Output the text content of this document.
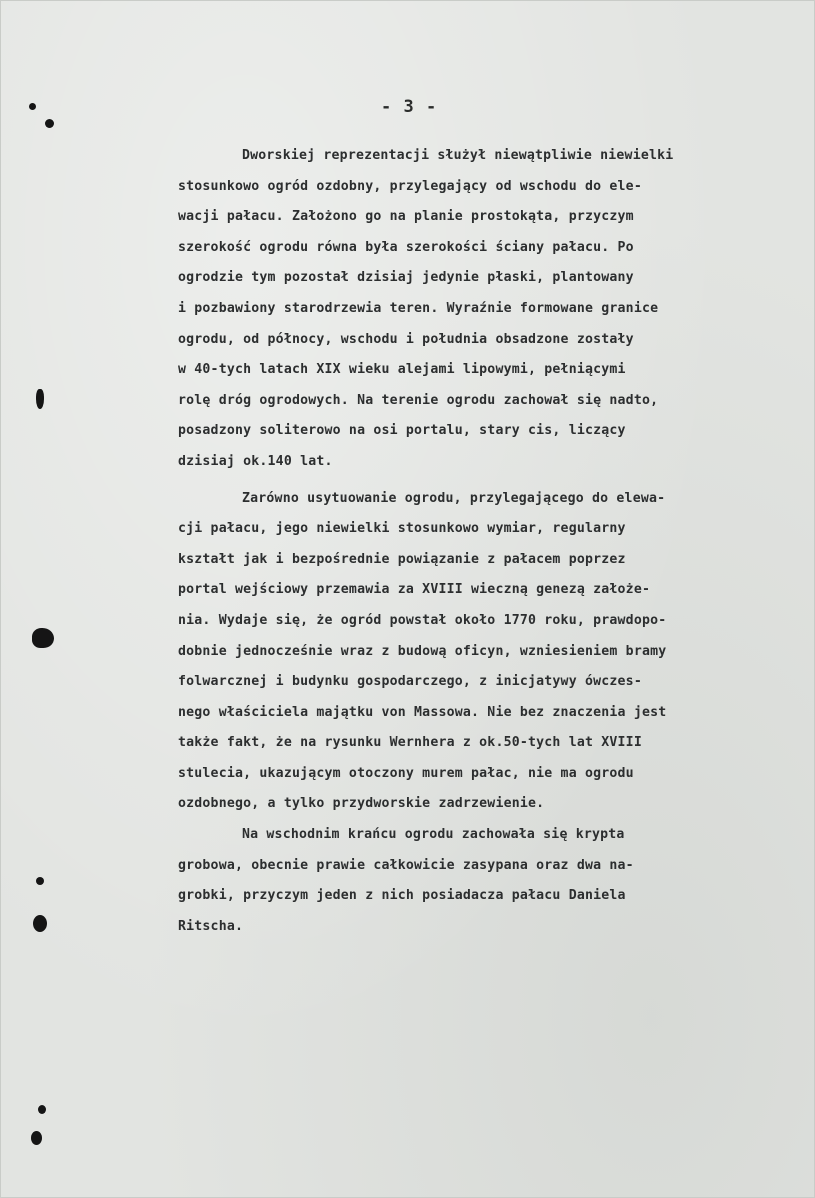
- 3 -
Dworskiej reprezentacji służył niewątpliwie niewielki
stosunkowo ogród ozdobny, przylegający od wschodu do ele-
wacji pałacu. Założono go na planie prostokąta, przyczym
szerokość ogrodu równa była szerokości ściany pałacu. Po
ogrodzie tym pozostał dzisiaj jedynie płaski, plantowany
i pozbawiony starodrzewia teren. Wyraźnie formowane granice
ogrodu, od północy, wschodu i południa obsadzone zostały
w 40-tych latach XIX wieku alejami lipowymi, pełniącymi
rolę dróg ogrodowych. Na terenie ogrodu zachował się nadto,
posadzony soliterowo na osi portalu, stary cis, liczący
dzisiaj ok.140 lat.
Zarówno usytuowanie ogrodu, przylegającego do elewa-
cji pałacu, jego niewielki stosunkowo wymiar, regularny
kształt jak i bezpośrednie powiązanie z pałacem poprzez
portal wejściowy przemawia za XVIII wieczną genezą założe-
nia. Wydaje się, że ogród powstał około 1770 roku, prawdopo-
dobnie jednocześnie wraz z budową oficyn, wzniesieniem bramy
folwarcznej i budynku gospodarczego, z inicjatywy ówczes-
nego właściciela majątku von Massowa. Nie bez znaczenia jest
także fakt, że na rysunku Wernhera z ok.50-tych lat XVIII
stulecia, ukazującym otoczony murem pałac, nie ma ogrodu
ozdobnego, a tylko przydworskie zadrzewienie.
Na wschodnim krańcu ogrodu zachowała się krypta
grobowa, obecnie prawie całkowicie zasypana oraz dwa na-
grobki, przyczym jeden z nich posiadacza pałacu Daniela
Ritscha.
